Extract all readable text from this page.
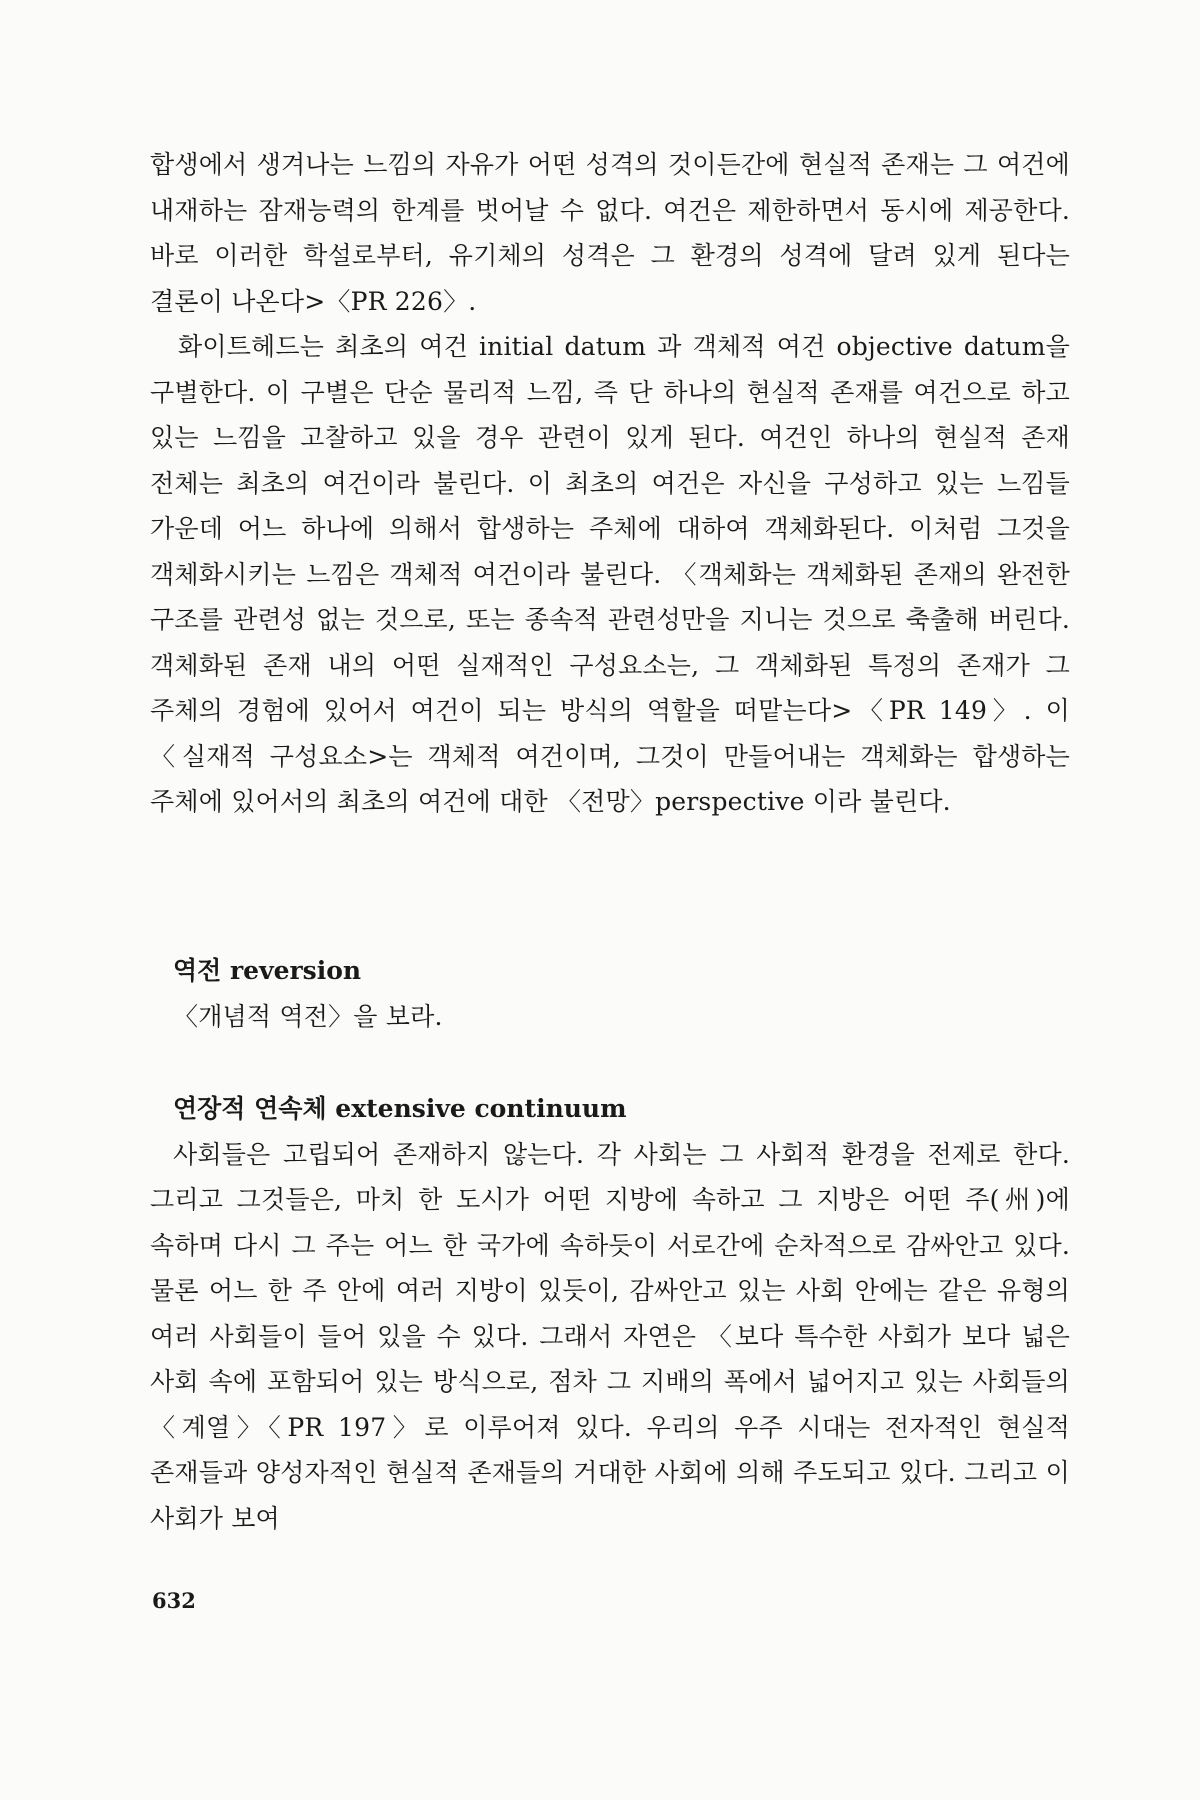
합생에서 생겨나는 느낌의 자유가 어떤 성격의 것이든간에 현실적 존재는 그 여건에 내재하는 잠재능력의 한계를 벗어날 수 없다. 여건은 제한하면서 동시에 제공한다. 바로 이러한 학설로부터, 유기체의 성격은 그 환경의 성격에 달려 있게 된다는 결론이 나온다>〈PR 226〉.

화이트헤드는 최초의 여건 initial datum 과 객체적 여건 objective datum을 구별한다. 이 구별은 단순 물리적 느낌, 즉 단 하나의 현실적 존재를 여건으로 하고 있는 느낌을 고찰하고 있을 경우 관련이 있게 된다. 여건인 하나의 현실적 존재 전체는 최초의 여건이라 불린다. 이 최초의 여건은 자신을 구성하고 있는 느낌들 가운데 어느 하나에 의해서 합생하는 주체에 대하여 객체화된다. 이처럼 그것을 객체화시키는 느낌은 객체적 여건이라 불린다. 〈객체화는 객체화된 존재의 완전한 구조를 관련성 없는 것으로, 또는 종속적 관련성만을 지니는 것으로 축출해 버린다. 객체화된 존재 내의 어떤 실재적인 구성요소는, 그 객체화된 특정의 존재가 그 주체의 경험에 있어서 여건이 되는 방식의 역할을 떠맡는다>〈PR 149〉. 이 〈실재적 구성요소>는 객체적 여건이며, 그것이 만들어내는 객체화는 합생하는 주체에 있어서의 최초의 여건에 대한 〈전망〉perspective 이라 불린다.

역전 reversion

〈개념적 역전〉을 보라.

연장적 연속체 extensive continuum

사회들은 고립되어 존재하지 않는다. 각 사회는 그 사회적 환경을 전제로 한다. 그리고 그것들은, 마치 한 도시가 어떤 지방에 속하고 그 지방은 어떤 주(州)에 속하며 다시 그 주는 어느 한 국가에 속하듯이 서로간에 순차적으로 감싸안고 있다. 물론 어느 한 주 안에 여러 지방이 있듯이, 감싸안고 있는 사회 안에는 같은 유형의 여러 사회들이 들어 있을 수 있다. 그래서 자연은 〈보다 특수한 사회가 보다 넓은 사회 속에 포함되어 있는 방식으로, 점차 그 지배의 폭에서 넓어지고 있는 사회들의 〈계열〉〈PR 197〉로 이루어져 있다. 우리의 우주 시대는 전자적인 현실적 존재들과 양성자적인 현실적 존재들의 거대한 사회에 의해 주도되고 있다. 그리고 이 사회가 보여

632
